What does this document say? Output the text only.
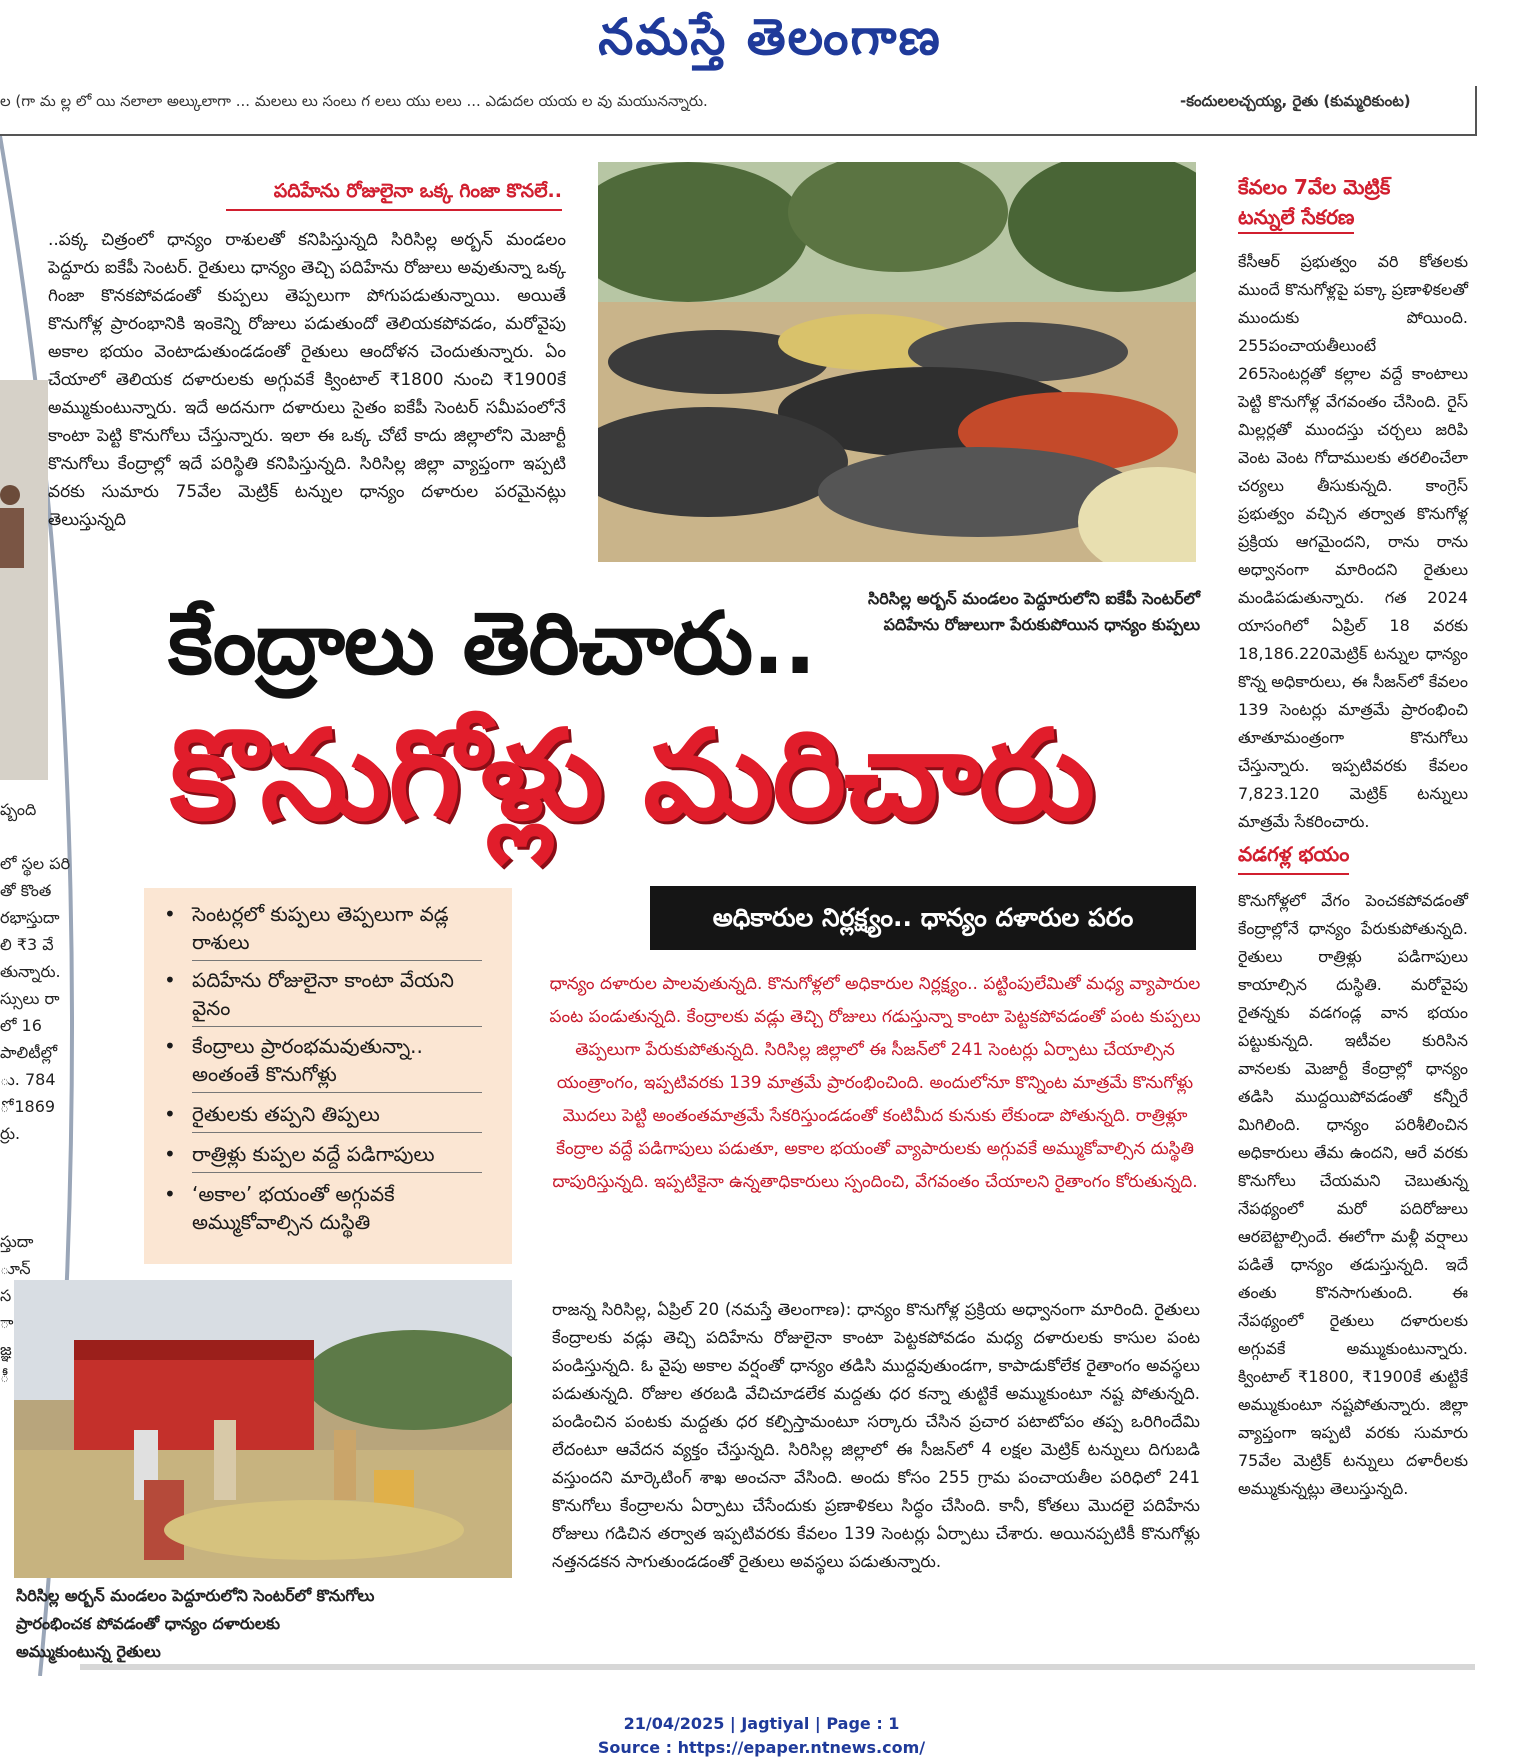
నమస్తే తెలంగాణ
ల (గా మ ల్ల లో యి నలాలా అల్కులాగా ... మలలు లు సంలు గ లలు యు లలు ... ఎడుదల యయ ల వు మయునన్నారు.	-కందులలచ్చయ్య, రైతు (కుమ్మరికుంట)
ప్బంది

లో స్థల పరి
తో కొంత
రభాస్తుదా
లి ₹3 వే
తున్నారు.
స్సులు రా
లో 16
పాలిటీల్లో
ు. 784
ో 1869
ర్రు.

స్తుదా
ూన్
స
ా
జ్ఞ
ీ
పదిహేను రోజులైనా ఒక్క గింజా కొనలే..
..పక్క చిత్రంలో ధాన్యం రాశులతో కనిపిస్తున్నది సిరిసిల్ల అర్బన్ మండలం పెద్దూరు ఐకేపీ సెంటర్. రైతులు ధాన్యం తెచ్చి పదిహేను రోజులు అవుతున్నా ఒక్క గింజా కొనకపోవడంతో కుప్పలు తెప్పలుగా పోగుపడుతున్నాయి. అయితే కొనుగోళ్ల ప్రారంభానికి ఇంకెన్ని రోజులు పడుతుందో తెలియకపోవడం, మరోవైపు అకాల భయం వెంటాడుతుండడంతో రైతులు ఆందోళన చెందుతున్నారు. ఏం చేయాలో తెలియక దళారులకు అగ్గువకే క్వింటాల్ ₹1800 నుంచి ₹1900కే అమ్ముకుంటున్నారు. ఇదే అదనుగా దళారులు సైతం ఐకేపీ సెంటర్ సమీపంలోనే కాంటా పెట్టి కొనుగోలు చేస్తున్నారు. ఇలా ఈ ఒక్క చోటే కాదు జిల్లాలోని మెజార్టీ కొనుగోలు కేంద్రాల్లో ఇదే పరిస్థితి కనిపిస్తున్నది. సిరిసిల్ల జిల్లా వ్యాప్తంగా ఇప్పటి వరకు సుమారు 75వేల మెట్రిక్ టన్నుల ధాన్యం దళారుల పరమైనట్లు తెలుస్తున్నది
సిరిసిల్ల అర్బన్ మండలం పెద్దూరులోని ఐకేపీ సెంటర్‌లో
పదిహేను రోజులుగా పేరుకుపోయిన ధాన్యం కుప్పలు
కేవలం 7వేల మెట్రిక్
టన్నులే సేకరణ
కేసీఆర్ ప్రభుత్వం వరి కోతలకు ముందే కొనుగోళ్లపై పక్కా ప్రణాళికలతో ముందుకు పోయింది. 255పంచాయతీలుంటే 265సెంటర్లతో కల్లాల వద్దే కాంటాలు పెట్టి కొనుగోళ్ల వేగవంతం చేసింది. రైస్ మిల్లర్లతో ముందస్తు చర్చలు జరిపి వెంట వెంట గోదాములకు తరలించేలా చర్యలు తీసుకున్నది. కాంగ్రెస్ ప్రభుత్వం వచ్చిన తర్వాత కొనుగోళ్ల ప్రక్రియ ఆగమైందని, రాను రాను అధ్వానంగా మారిందని రైతులు మండిపడుతున్నారు. గత 2024 యాసంగిలో ఏప్రిల్ 18 వరకు 18,186.220మెట్రిక్ టన్నుల ధాన్యం కొన్న అధికారులు, ఈ సీజన్‌లో కేవలం 139 సెంటర్లు మాత్రమే ప్రారంభించి తూతూమంత్రంగా కొనుగోలు చేస్తున్నారు. ఇప్పటివరకు కేవలం 7,823.120 మెట్రిక్ టన్నులు మాత్రమే సేకరించారు.
వడగళ్ల భయం
కొనుగోళ్లలో వేగం పెంచకపోవడంతో కేంద్రాల్లోనే ధాన్యం పేరుకుపోతున్నది. రైతులు రాత్రిళ్లు పడిగాపులు కాయాల్సిన దుస్థితి. మరోవైపు రైతన్నకు వడగండ్ల వాన భయం పట్టుకున్నది. ఇటీవల కురిసిన వానలకు మెజార్టీ కేంద్రాల్లో ధాన్యం తడిసి ముద్దయిపోవడంతో కన్నీరే మిగిలింది. ధాన్యం పరిశీలించిన అధికారులు తేమ ఉందని, ఆరే వరకు కొనుగోలు చేయమని చెబుతున్న నేపథ్యంలో మరో పదిరోజులు ఆరబెట్టాల్సిందే. ఈలోగా మళ్లీ వర్షాలు పడితే ధాన్యం తడుస్తున్నది. ఇదే తంతు కొనసాగుతుంది. ఈ నేపథ్యంలో రైతులు దళారులకు అగ్గువకే అమ్ముకుంటున్నారు. క్వింటాల్ ₹1800, ₹1900కే తుట్టికే అమ్ముకుంటూ నష్టపోతున్నారు. జిల్లా వ్యాప్తంగా ఇప్పటి వరకు సుమారు 75వేల మెట్రిక్ టన్నులు దళారీలకు అమ్ముకున్నట్లు తెలుస్తున్నది.
కేంద్రాలు తెరిచారు..
కొనుగోళ్లు మరిచారు
అధికారుల నిర్లక్ష్యం.. ధాన్యం దళారుల పరం
• సెంటర్లలో కుప్పలు తెప్పలుగా వడ్ల రాశులు
• పదిహేను రోజులైనా కాంటా వేయని వైనం
• కేంద్రాలు ప్రారంభమవుతున్నా.. అంతంతే కొనుగోళ్లు
• రైతులకు తప్పని తిప్పలు
• రాత్రిళ్లు కుప్పల వద్దే పడిగాపులు
• ‘అకాల’ భయంతో అగ్గువకే అమ్ముకోవాల్సిన దుస్థితి
ధాన్యం దళారుల పాలవుతున్నది. కొనుగోళ్లలో అధికారుల నిర్లక్ష్యం.. పట్టింపులేమితో మధ్య వ్యాపారుల పంట పండుతున్నది. కేంద్రాలకు వడ్లు తెచ్చి రోజులు గడుస్తున్నా కాంటా పెట్టకపోవడంతో పంట కుప్పలు తెప్పలుగా పేరుకుపోతున్నది. సిరిసిల్ల జిల్లాలో ఈ సీజన్‌లో 241 సెంటర్లు ఏర్పాటు చేయాల్సిన యంత్రాంగం, ఇప్పటివరకు 139 మాత్రమే ప్రారంభించింది. అందులోనూ కొన్నింట మాత్రమే కొనుగోళ్లు మొదలు పెట్టి అంతంతమాత్రమే సేకరిస్తుండడంతో కంటిమీద కునుకు లేకుండా పోతున్నది. రాత్రిళ్లూ కేంద్రాల వద్దే పడిగాపులు పడుతూ, అకాల భయంతో వ్యాపారులకు అగ్గువకే అమ్ముకోవాల్సిన దుస్థితి దాపురిస్తున్నది. ఇప్పటికైనా ఉన్నతాధికారులు స్పందించి, వేగవంతం చేయాలని రైతాంగం కోరుతున్నది.
రాజన్న సిరిసిల్ల, ఏప్రిల్ 20 (నమస్తే తెలంగాణ): ధాన్యం కొనుగోళ్ల ప్రక్రియ అధ్వానంగా మారింది. రైతులు కేంద్రాలకు వడ్లు తెచ్చి పదిహేను రోజులైనా కాంటా పెట్టకపోవడం మధ్య దళారులకు కాసుల పంట పండిస్తున్నది. ఓ వైపు అకాల వర్షంతో ధాన్యం తడిసి ముద్దవుతుండగా, కాపాడుకోలేక రైతాంగం అవస్థలు పడుతున్నది. రోజుల తరబడి వేచిచూడలేక మద్దతు ధర కన్నా తుట్టికే అమ్ముకుంటూ నష్ట పోతున్నది. పండించిన పంటకు మద్దతు ధర కల్పిస్తామంటూ సర్కారు చేసిన ప్రచార పటాటోపం తప్ప ఒరిగిందేమి లేదంటూ ఆవేదన వ్యక్తం చేస్తున్నది. సిరిసిల్ల జిల్లాలో ఈ సీజన్‌లో 4 లక్షల మెట్రిక్ టన్నులు దిగుబడి వస్తుందని మార్కెటింగ్ శాఖ అంచనా వేసింది. అందు కోసం 255 గ్రామ పంచాయతీల పరిధిలో 241 కొనుగోలు కేంద్రాలను ఏర్పాటు చేసేందుకు ప్రణాళికలు సిద్ధం చేసింది. కానీ, కోతలు మొదలై పదిహేను రోజులు గడిచిన తర్వాత ఇప్పటివరకు కేవలం 139 సెంటర్లు ఏర్పాటు చేశారు. అయినప్పటికీ కొనుగోళ్లు నత్తనడకన సాగుతుండడంతో రైతులు అవస్థలు పడుతున్నారు.
సిరిసిల్ల అర్బన్ మండలం పెద్దూరులోని సెంటర్‌లో కొనుగోలు
ప్రారంభించక పోవడంతో ధాన్యం దళారులకు
అమ్ముకుంటున్న రైతులు
21/04/2025 | Jagtiyal | Page : 1
Source : https://epaper.ntnews.com/
